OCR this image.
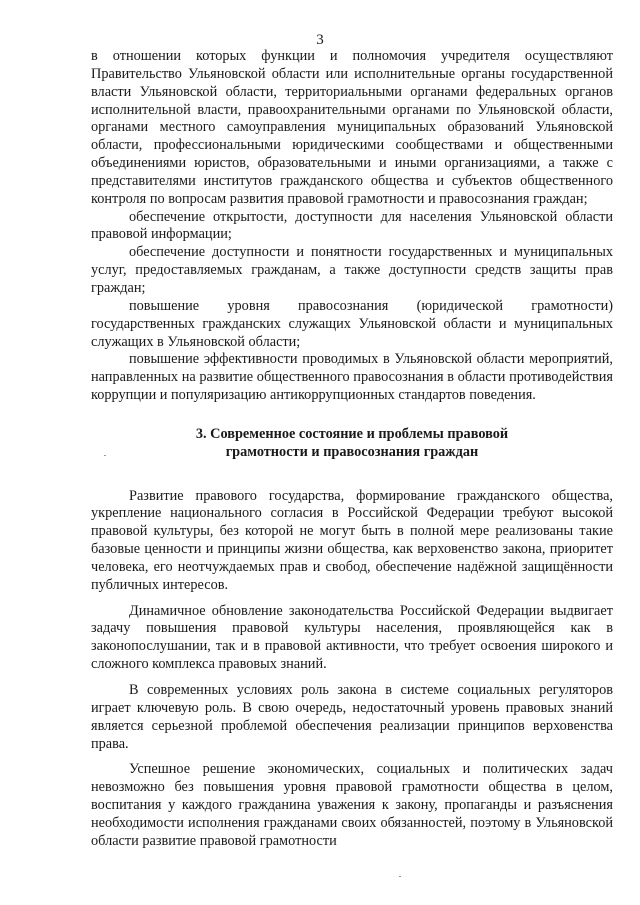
3

в отношении которых функции и полномочия учредителя осуществляют Правительство Ульяновской области или исполнительные органы государственной власти Ульяновской области, территориальными органами федеральных органов исполнительной власти, правоохранительными органами по Ульяновской области, органами местного самоуправления муниципальных образований Ульяновской области, профессиональными юридическими сообществами и общественными объединениями юристов, образовательными и иными организациями, а также с представителями институтов гражданского общества и субъектов общественного контроля по вопросам развития правовой грамотности и правосознания граждан;

обеспечение открытости, доступности для населения Ульяновской области правовой информации;

обеспечение доступности и понятности государственных и муниципальных услуг, предоставляемых гражданам, а также доступности средств защиты прав граждан;

повышение уровня правосознания (юридической грамотности) государственных гражданских служащих Ульяновской области и муниципальных служащих в Ульяновской области;

повышение эффективности проводимых в Ульяновской области мероприятий, направленных на развитие общественного правосознания в области противодействия коррупции и популяризацию антикоррупционных стандартов поведения.

3. Современное состояние и проблемы правовой
грамотности и правосознания граждан

Развитие правового государства, формирование гражданского общества, укрепление национального согласия в Российской Федерации требуют высокой правовой культуры, без которой не могут быть в полной мере реализованы такие базовые ценности и принципы жизни общества, как верховенство закона, приоритет человека, его неотчуждаемых прав и свобод, обеспечение надёжной защищённости публичных интересов.

Динамичное обновление законодательства Российской Федерации выдвигает задачу повышения правовой культуры населения, проявляющейся как в законопослушании, так и в правовой активности, что требует освоения широкого и сложного комплекса правовых знаний.

В современных условиях роль закона в системе социальных регуляторов играет ключевую роль. В свою очередь, недостаточный уровень правовых знаний является серьезной проблемой обеспечения реализации принципов верховенства права.

Успешное решение экономических, социальных и политических задач невозможно без повышения уровня правовой грамотности общества в целом, воспитания у каждого гражданина уважения к закону, пропаганды и разъяснения необходимости исполнения гражданами своих обязанностей, поэтому в Ульяновской области развитие правовой грамотности
